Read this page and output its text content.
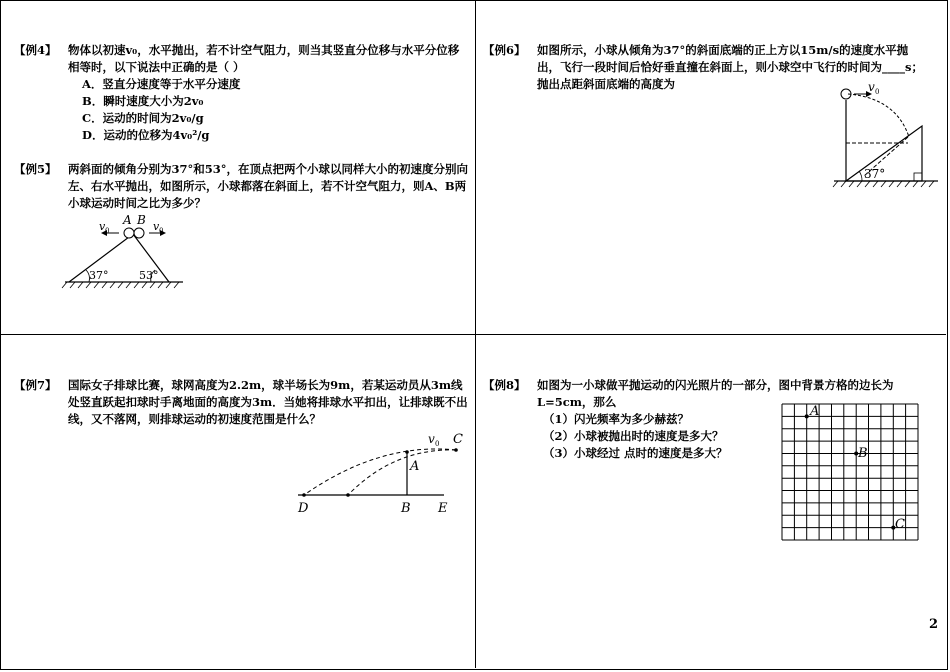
【例4】 物体以初速v₀，水平抛出，若不计空气阻力，则当其竖直分位移与水平分位移相等时，以下说法中正确的是（ ）
A．竖直分速度等于水平分速度
B．瞬时速度大小为2v₀
C．运动的时间为2v₀/g
D．运动的位移为4v₀²/g
【例5】 两斜面的倾角分别为37°和53°，在顶点把两个小球以同样大小的初速度分别向左、右水平抛出，如图所示，小球都落在斜面上，若不计空气阻力，则A、B两小球运动时间之比为多少？
v 0
A B v 0
37°	53°
【例6】 如图所示，小球从倾角为37°的斜面底端的正上方以15m/s的速度水平抛出，飞行一段时间后恰好垂直撞在斜面上，则小球空中飞行的时间为____s；抛出点距斜面底端的高度为	v 0
37°
【例7】 国际女子排球比赛，球网高度为2.2m，球半场长为9m，若某运动员从3m线处竖直跃起扣球时手离地面的高度为3m．当她将排球水平扣出，让排球既不出线，又不落网，则排球运动的初速度范围是什么？
v 0 C
A
D	B E
【例8】 如图为一小球做平抛运动的闪光照片的一部分，图中背景方格的边长为L=5cm，那么
（1）闪光频率为多少赫兹？
（2）小球被抛出时的速度是多大？
（3）小球经过 点时的速度是多大？
A
B
C
2
